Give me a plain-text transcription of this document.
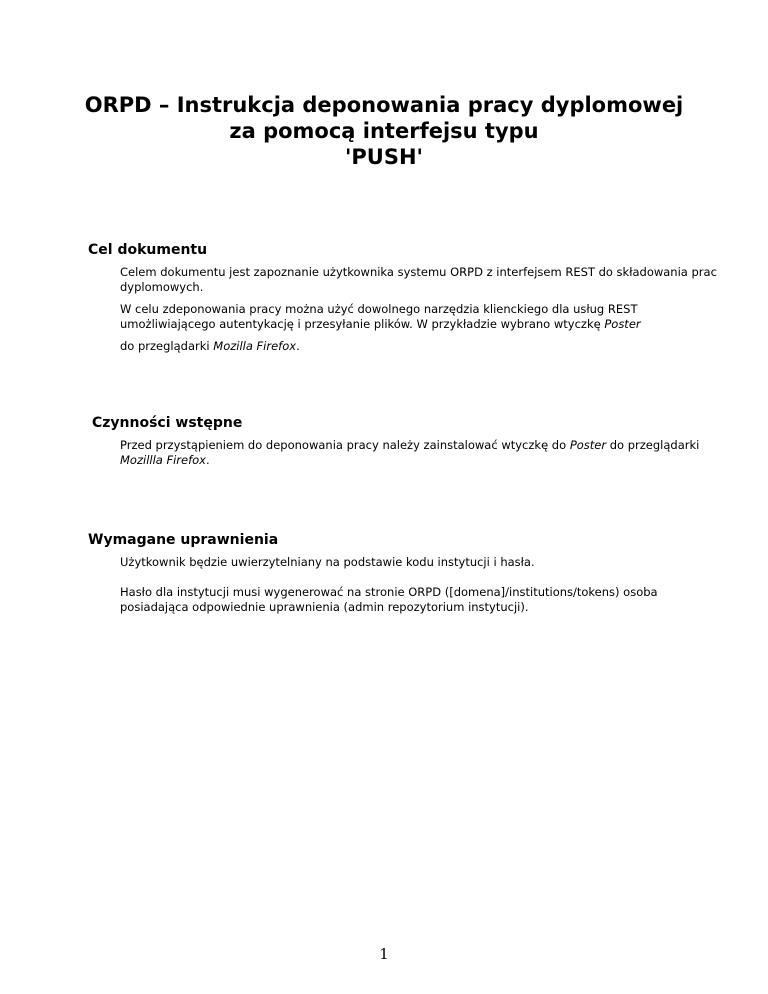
ORPD – Instrukcja deponowania pracy dyplomowej
za pomocą interfejsu typu
'PUSH'
Cel dokumentu

Celem dokumentu jest zapoznanie użytkownika systemu ORPD z interfejsem REST do składowania prac dyplomowych.

W celu zdeponowania pracy można użyć dowolnego narzędzia klienckiego dla usług REST umożliwiającego autentykację i przesyłanie plików. W przykładzie wybrano wtyczkę Poster

do przeglądarki Mozilla Firefox.

Czynności wstępne

Przed przystąpieniem do deponowania pracy należy zainstalować wtyczkę do Poster do przeglądarki Mozillla Firefox.

Wymagane uprawnienia

Użytkownik będzie uwierzytelniany na podstawie kodu instytucji i hasła.

Hasło dla instytucji musi wygenerować na stronie ORPD ([domena]/institutions/tokens) osoba posiadająca odpowiednie uprawnienia (admin repozytorium instytucji).

1
